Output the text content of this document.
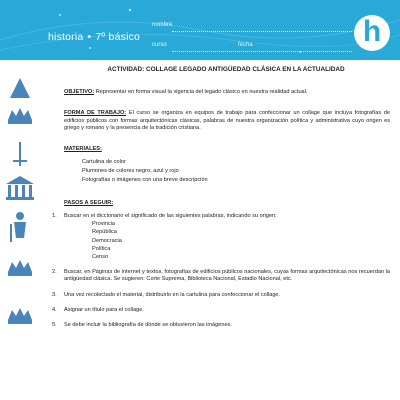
historia • 7º básico
nombre
curso	fecha	h
ACTIVIDAD: COLLAGE LEGADO ANTIGÜEDAD CLÁSICA EN LA ACTUALIDAD
OBJETIVO: Representar en forma visual la vigencia del legado clásico en nuestra realidad actual.
FORMA DE TRABAJO: El curso se organiza en equipos de trabajo para confeccionar un collage que incluya fotografías de edificios públicos con formas arquitectónicas clásicas, palabras de nuestra organización política y administrativa cuyo origen es griego y romano y la presencia de la tradición cristiana.
MATERIALES:
Cartulina de color
Plumones de colores negro, azul y rojo
Fotografías o imágenes con una breve descripción
PASOS A SEGUIR:
1. Buscar en el diccionario el significado de las siguientes palabras, indicando su origen:
Provincia
República
Democracia
Política
Censo
2. Buscar, en Páginas de internet y textos, fotografías de edificios públicos nacionales, cuyas formas arquitectónicas nos recuerdan la antigüedad clásica. Se sugieren: Corte Suprema, Biblioteca Nacional, Estadio Nacional, etc.
3. Una vez recolectado el material, distribuirlo en la cartulina para confeccionar el collage.
4. Asignar un título para el collage.
5. Se debe incluir la bibliografía de dónde se obtuvieron las imágenes.
